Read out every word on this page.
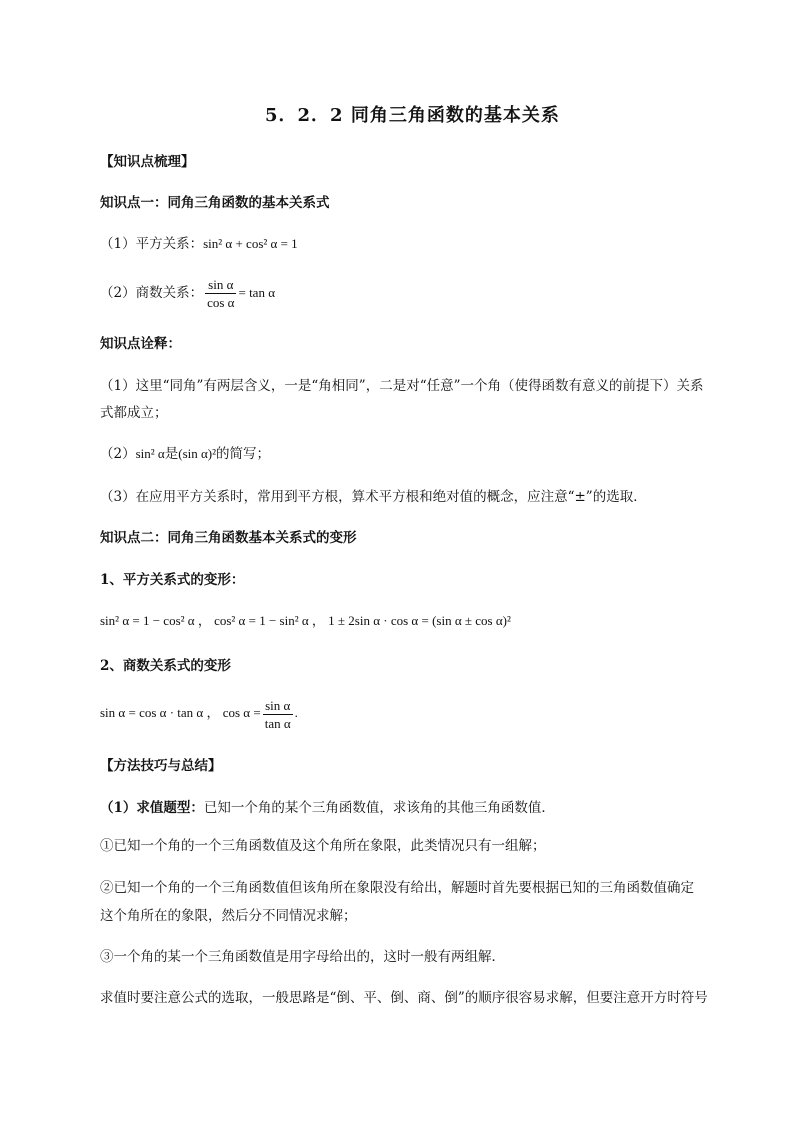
5．2．2 同角三角函数的基本关系
【知识点梳理】
知识点一：同角三角函数的基本关系式
（1）平方关系：sin² α + cos² α = 1
（2）商数关系： $\frac{\text{sin α}}{\text{cos α}} = \tan \alpha$
知识点诠释：
（1）这里“同角”有两层含义，一是“角相同”，二是对“任意”一个角（使得函数有意义的前提下）关系
式都成立；
（2）sin² α是(sin α)²的简写；
（3）在应用平方关系时，常用到平方根，算术平方根和绝对值的概念，应注意“±”的选取．
知识点二：同角三角函数基本关系式的变形
1、平方关系式的变形：
sin² α = 1 − cos² α ， cos² α = 1 − sin² α ， 1 ± 2sin α · cos α = (sin α ± cos α)²
2、商数关系式的变形
sin α = cos α · tan α ， $\cos \alpha = \frac{\text{sin α}}{\text{tan α}}$ .
【方法技巧与总结】
（1）求值题型：已知一个角的某个三角函数值，求该角的其他三角函数值．
①已知一个角的一个三角函数值及这个角所在象限，此类情况只有一组解；
②已知一个角的一个三角函数值但该角所在象限没有给出，解题时首先要根据已知的三角函数值确定
这个角所在的象限，然后分不同情况求解；
③一个角的某一个三角函数值是用字母给出的，这时一般有两组解．
求值时要注意公式的选取，一般思路是“倒、平、倒、商、倒”的顺序很容易求解，但要注意开方时符号
